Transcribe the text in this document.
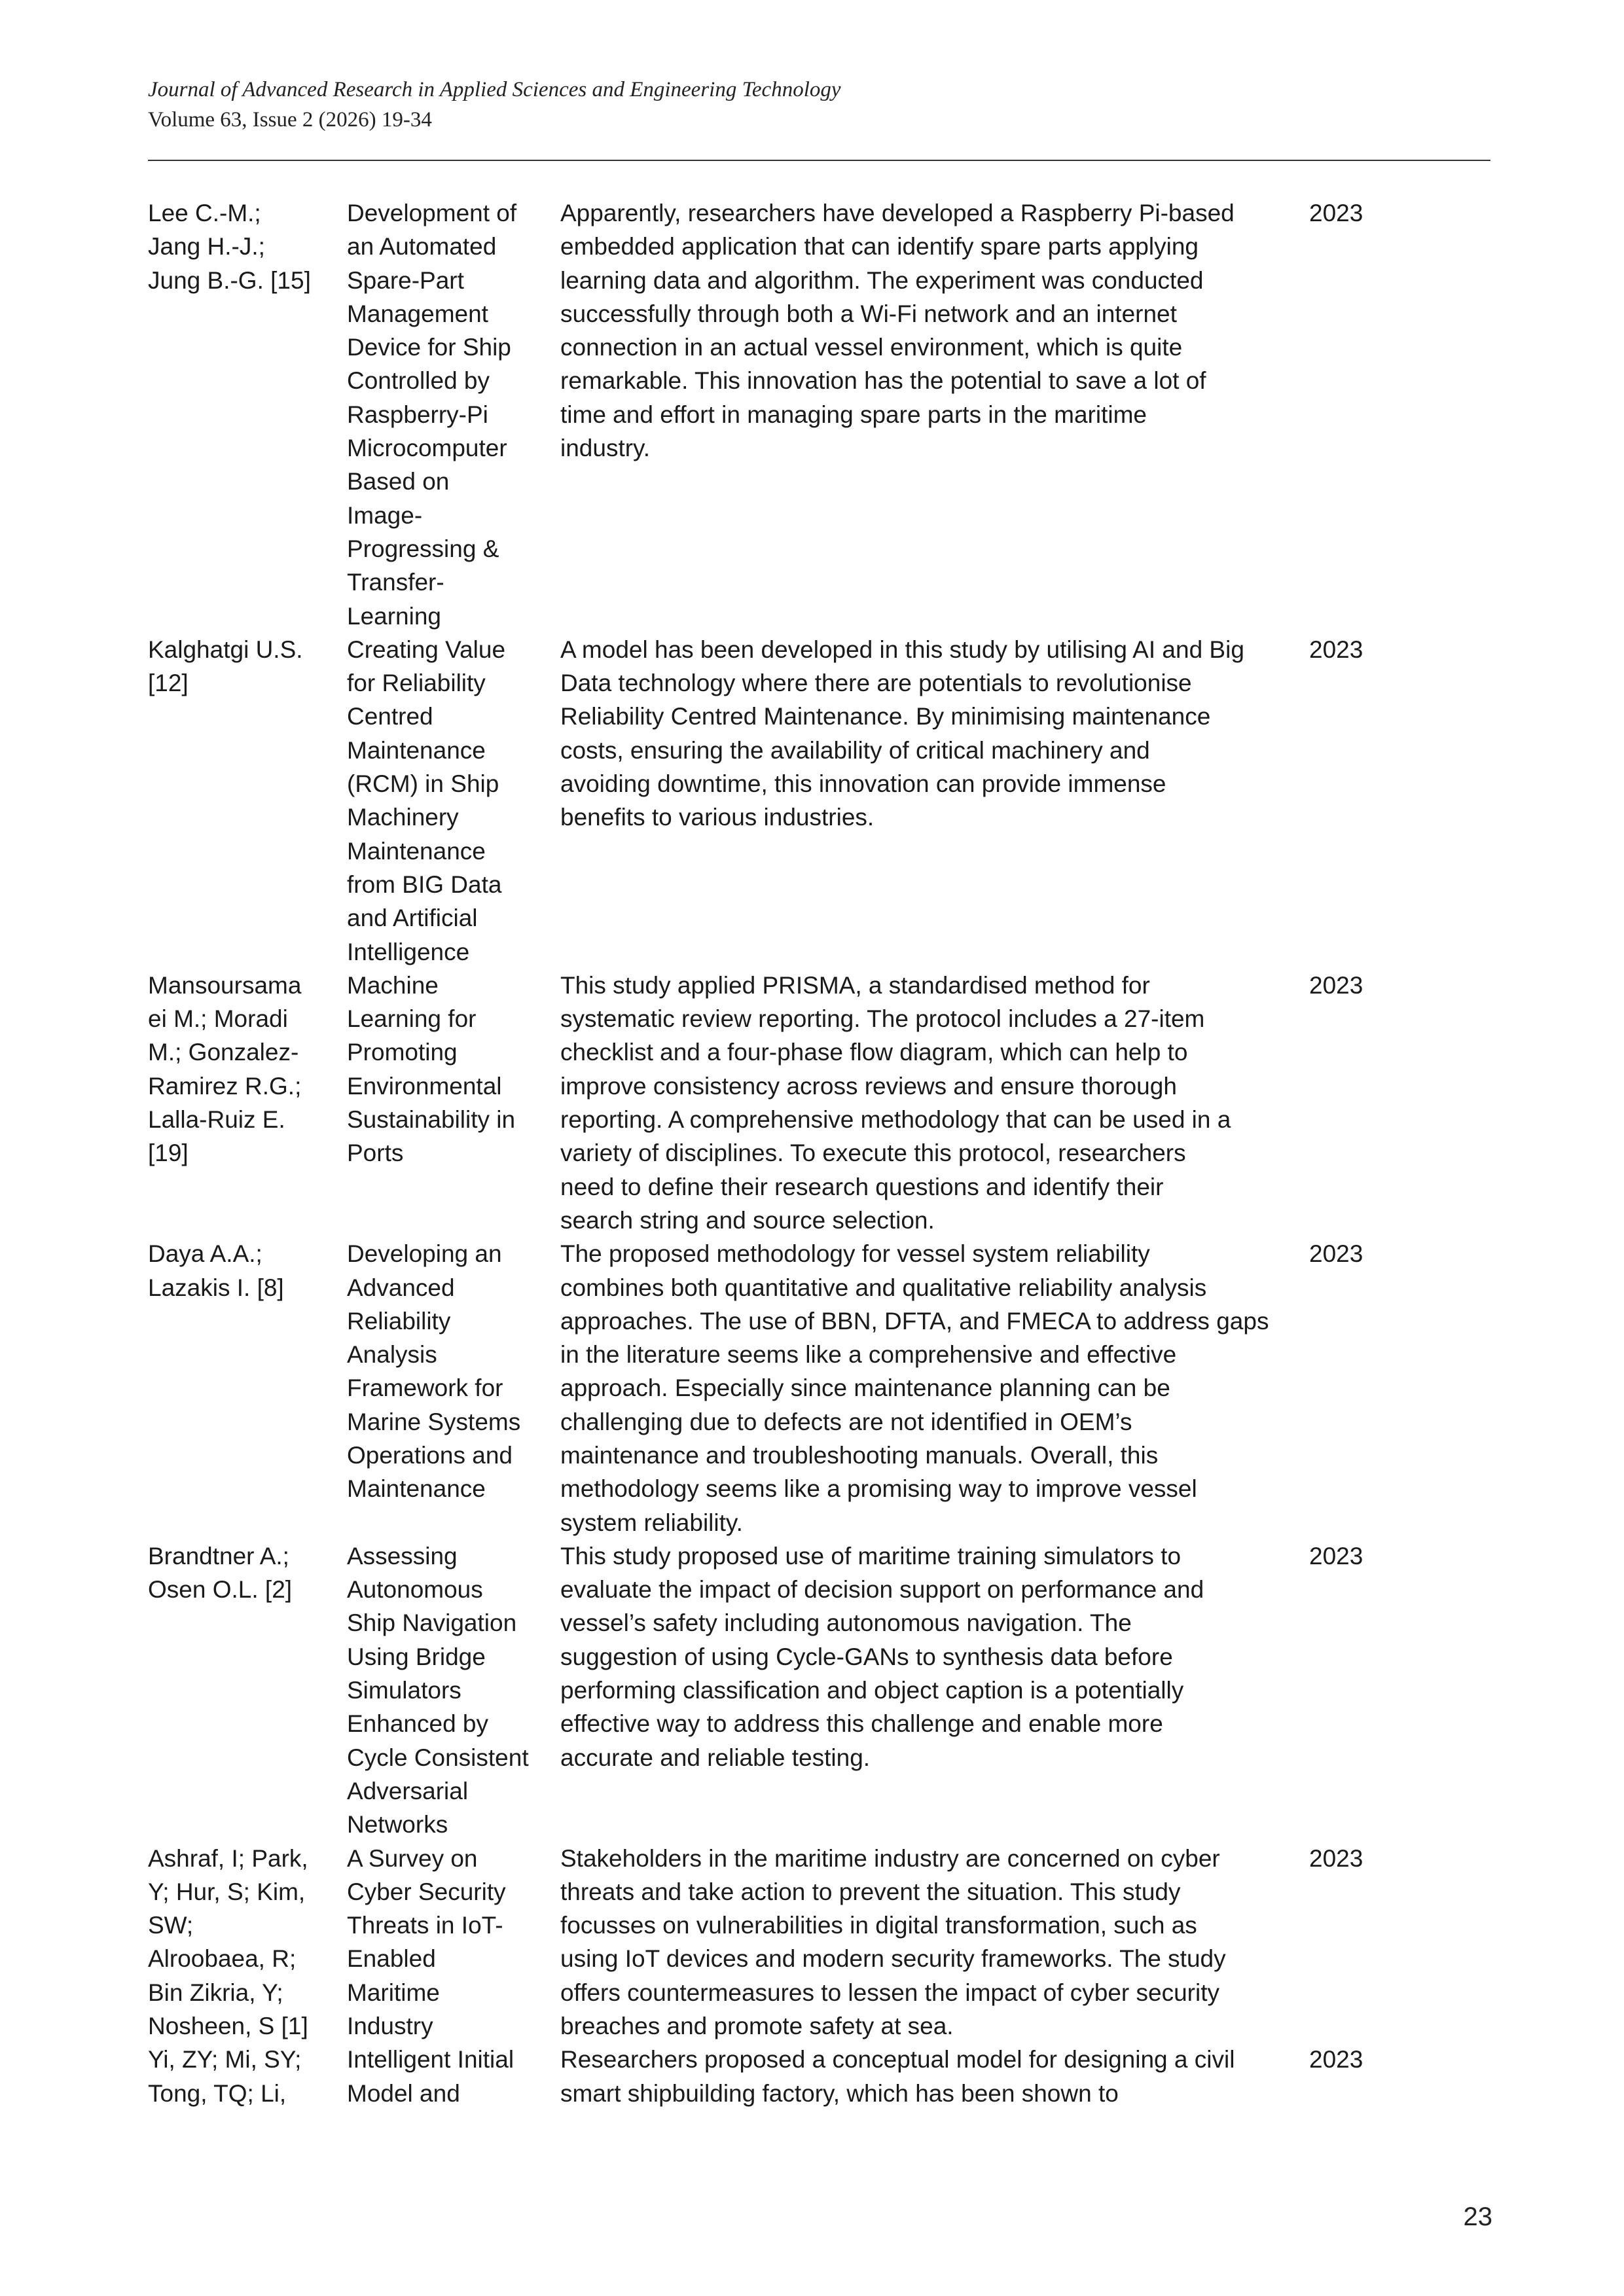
Journal of Advanced Research in Applied Sciences and Engineering Technology
Volume 63, Issue 2 (2026) 19-34
Lee C.-M.;
Jang H.-J.;
Jung B.-G. [15]
Development of
an Automated
Spare-Part
Management
Device for Ship
Controlled by
Raspberry-Pi
Microcomputer
Based on
Image-
Progressing &
Transfer-
Learning
Apparently, researchers have developed a Raspberry Pi-based
embedded application that can identify spare parts applying
learning data and algorithm. The experiment was conducted
successfully through both a Wi-Fi network and an internet
connection in an actual vessel environment, which is quite
remarkable. This innovation has the potential to save a lot of
time and effort in managing spare parts in the maritime
industry.
2023
Kalghatgi U.S.
[12]
Creating Value
for Reliability
Centred
Maintenance
(RCM) in Ship
Machinery
Maintenance
from BIG Data
and Artificial
Intelligence
A model has been developed in this study by utilising AI and Big
Data technology where there are potentials to revolutionise
Reliability Centred Maintenance. By minimising maintenance
costs, ensuring the availability of critical machinery and
avoiding downtime, this innovation can provide immense
benefits to various industries.
2023
Mansoursama
ei M.; Moradi
M.; Gonzalez-
Ramirez R.G.;
Lalla-Ruiz E.
[19]
Machine
Learning for
Promoting
Environmental
Sustainability in
Ports
This study applied PRISMA, a standardised method for
systematic review reporting. The protocol includes a 27-item
checklist and a four-phase flow diagram, which can help to
improve consistency across reviews and ensure thorough
reporting. A comprehensive methodology that can be used in a
variety of disciplines. To execute this protocol, researchers
need to define their research questions and identify their
search string and source selection.
2023
Daya A.A.;
Lazakis I. [8]
Developing an
Advanced
Reliability
Analysis
Framework for
Marine Systems
Operations and
Maintenance
The proposed methodology for vessel system reliability
combines both quantitative and qualitative reliability analysis
approaches. The use of BBN, DFTA, and FMECA to address gaps
in the literature seems like a comprehensive and effective
approach. Especially since maintenance planning can be
challenging due to defects are not identified in OEM’s
maintenance and troubleshooting manuals. Overall, this
methodology seems like a promising way to improve vessel
system reliability.
2023
Brandtner A.;
Osen O.L. [2]
Assessing
Autonomous
Ship Navigation
Using Bridge
Simulators
Enhanced by
Cycle Consistent
Adversarial
Networks
This study proposed use of maritime training simulators to
evaluate the impact of decision support on performance and
vessel’s safety including autonomous navigation. The
suggestion of using Cycle-GANs to synthesis data before
performing classification and object caption is a potentially
effective way to address this challenge and enable more
accurate and reliable testing.
2023
Ashraf, I; Park,
Y; Hur, S; Kim,
SW;
Alroobaea, R;
Bin Zikria, Y;
Nosheen, S [1]
A Survey on
Cyber Security
Threats in IoT-
Enabled
Maritime
Industry
Stakeholders in the maritime industry are concerned on cyber
threats and take action to prevent the situation. This study
focusses on vulnerabilities in digital transformation, such as
using IoT devices and modern security frameworks. The study
offers countermeasures to lessen the impact of cyber security
breaches and promote safety at sea.
2023
Yi, ZY; Mi, SY;
Tong, TQ; Li,
Intelligent Initial
Model and
Researchers proposed a conceptual model for designing a civil
smart shipbuilding factory, which has been shown to
2023
23
